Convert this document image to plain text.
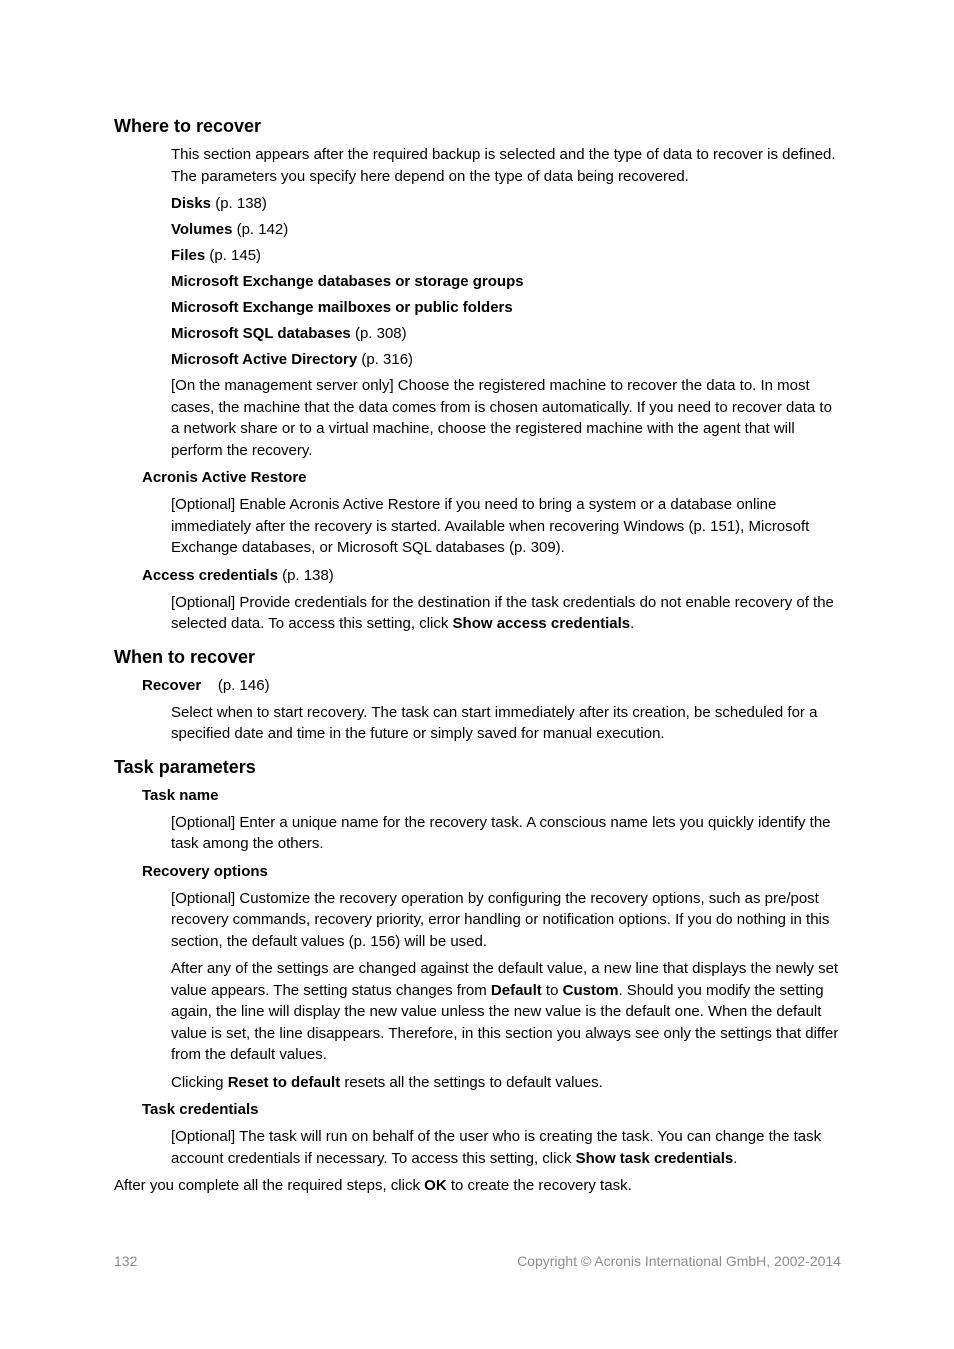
Where to recover

This section appears after the required backup is selected and the type of data to recover is defined. The parameters you specify here depend on the type of data being recovered.

Disks (p. 138)

Volumes (p. 142)

Files (p. 145)

Microsoft Exchange databases or storage groups

Microsoft Exchange mailboxes or public folders

Microsoft SQL databases (p. 308)

Microsoft Active Directory (p. 316)

[On the management server only] Choose the registered machine to recover the data to. In most cases, the machine that the data comes from is chosen automatically. If you need to recover data to a network share or to a virtual machine, choose the registered machine with the agent that will perform the recovery.

Acronis Active Restore

[Optional] Enable Acronis Active Restore if you need to bring a system or a database online immediately after the recovery is started. Available when recovering Windows (p. 151), Microsoft Exchange databases, or Microsoft SQL databases (p. 309).

Access credentials (p. 138)

[Optional] Provide credentials for the destination if the task credentials do not enable recovery of the selected data. To access this setting, click Show access credentials.

When to recover

Recover (p. 146)

Select when to start recovery. The task can start immediately after its creation, be scheduled for a specified date and time in the future or simply saved for manual execution.

Task parameters

Task name

[Optional] Enter a unique name for the recovery task. A conscious name lets you quickly identify the task among the others.

Recovery options

[Optional] Customize the recovery operation by configuring the recovery options, such as pre/post recovery commands, recovery priority, error handling or notification options. If you do nothing in this section, the default values (p. 156) will be used.

After any of the settings are changed against the default value, a new line that displays the newly set value appears. The setting status changes from Default to Custom. Should you modify the setting again, the line will display the new value unless the new value is the default one. When the default value is set, the line disappears. Therefore, in this section you always see only the settings that differ from the default values.

Clicking Reset to default resets all the settings to default values.

Task credentials

[Optional] The task will run on behalf of the user who is creating the task. You can change the task account credentials if necessary. To access this setting, click Show task credentials.

After you complete all the required steps, click OK to create the recovery task.

132	Copyright © Acronis International GmbH, 2002-2014
